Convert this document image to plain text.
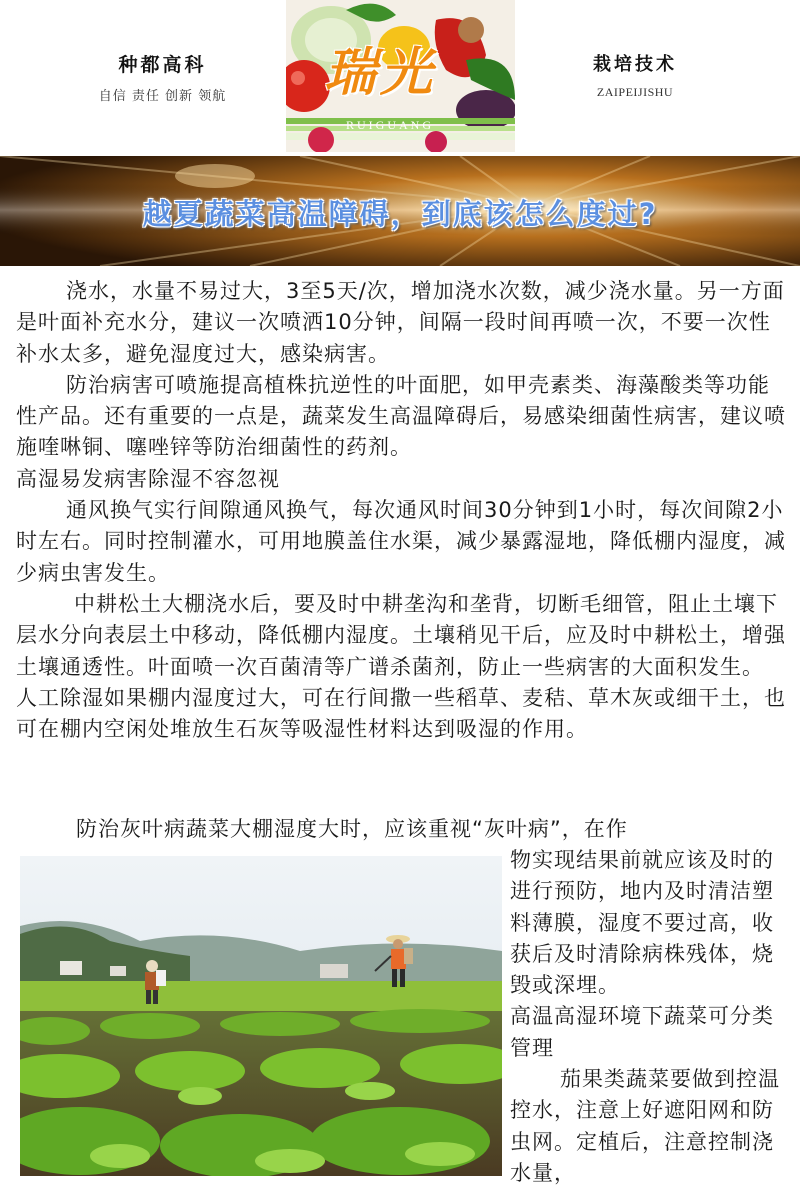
种都高科
自信 责任 创新 领航	瑞光
RUIGUANG
栽培技术
ZAIPEIJISHU
越夏蔬菜高温障碍，到底该怎么度过?

浇水，水量不易过大，3至5天/次，增加浇水次数，减少浇水量。另一方面是叶面补充水分，建议一次喷洒10分钟，间隔一段时间再喷一次，不要一次性补水太多，避免湿度过大，感染病害。

防治病害可喷施提高植株抗逆性的叶面肥，如甲壳素类、海藻酸类等功能性产品。还有重要的一点是，蔬菜发生高温障碍后，易感染细菌性病害，建议喷施喹啉铜、噻唑锌等防治细菌性的药剂。

高湿易发病害除湿不容忽视

通风换气实行间隙通风换气，每次通风时间30分钟到1小时，每次间隙2小时左右。同时控制灌水，可用地膜盖住水渠，减少暴露湿地，降低棚内湿度，减少病虫害发生。

中耕松土大棚浇水后，要及时中耕垄沟和垄背，切断毛细管，阻止土壤下层水分向表层土中移动，降低棚内湿度。土壤稍见干后，应及时中耕松土，增强土壤通透性。叶面喷一次百菌清等广谱杀菌剂，防止一些病害的大面积发生。

人工除湿如果棚内湿度过大，可在行间撒一些稻草、麦秸、草木灰或细干土，也可在棚内空闲处堆放生石灰等吸湿性材料达到吸湿的作用。

防治灰叶病蔬菜大棚湿度大时，应该重视“灰叶病”，在作

物实现结果前就应该及时的进行预防，地内及时清洁塑料薄膜，湿度不要过高，收获后及时清除病株残体，烧毁或深埋。

高温高湿环境下蔬菜可分类管理

茄果类蔬菜要做到控温控水，注意上好遮阳网和防虫网。定植后，注意控制浇水量，
